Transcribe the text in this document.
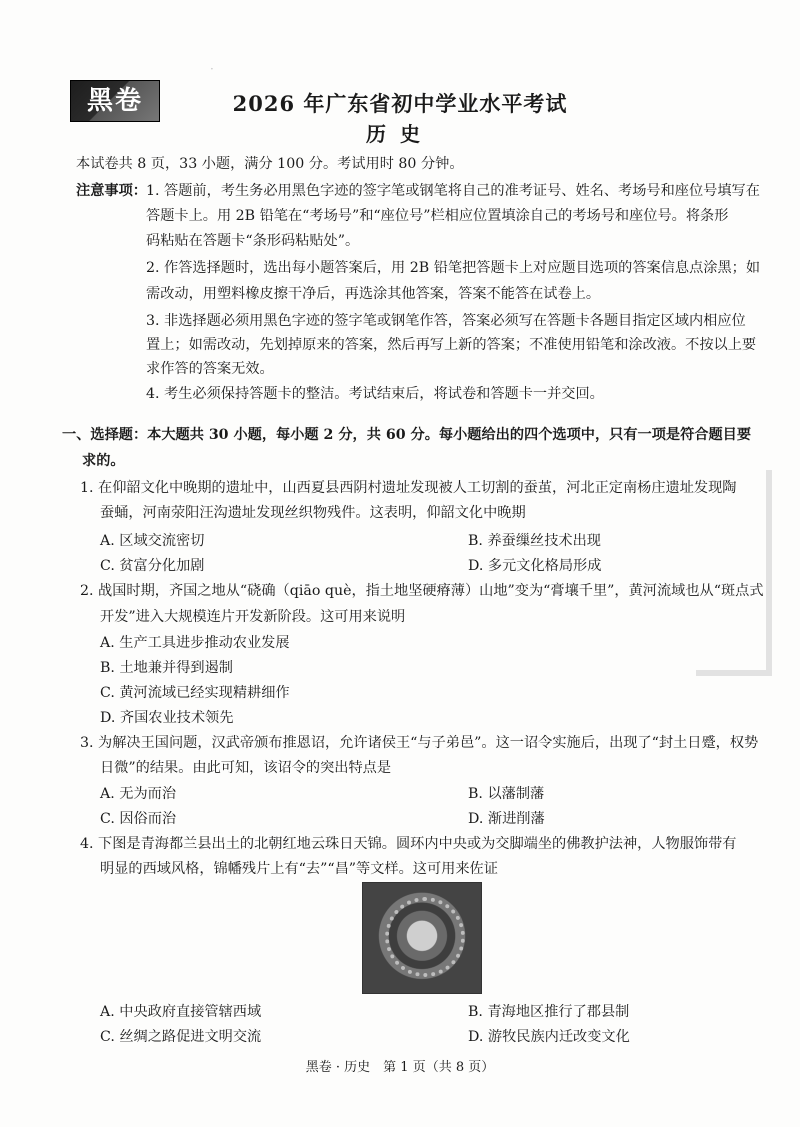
·
黑卷	2026 年广东省初中学业水平考试
历史
本试卷共 8 页，33 小题，满分 100 分。考试用时 80 分钟。
注意事项： 1. 答题前，考生务必用黑色字迹的签字笔或钢笔将自己的准考证号、姓名、考场号和座位号填写在
答题卡上。用 2B 铅笔在“考场号”和“座位号”栏相应位置填涂自己的考场号和座位号。将条形
码粘贴在答题卡“条形码粘贴处”。
2. 作答选择题时，选出每小题答案后，用 2B 铅笔把答题卡上对应题目选项的答案信息点涂黑；如
需改动，用塑料橡皮擦干净后，再选涂其他答案，答案不能答在试卷上。
3. 非选择题必须用黑色字迹的签字笔或钢笔作答，答案必须写在答题卡各题目指定区域内相应位
置上；如需改动，先划掉原来的答案，然后再写上新的答案；不准使用铅笔和涂改液。不按以上要
求作答的答案无效。
4. 考生必须保持答题卡的整洁。考试结束后，将试卷和答题卡一并交回。
一、选择题：本大题共 30 小题，每小题 2 分，共 60 分。每小题给出的四个选项中，只有一项是符合题目要
求的。
1. 在仰韶文化中晚期的遗址中，山西夏县西阴村遗址发现被人工切割的蚕茧，河北正定南杨庄遗址发现陶
蚕蛹，河南荥阳汪沟遗址发现丝织物残件。这表明，仰韶文化中晚期
A. 区域交流密切	B. 养蚕缫丝技术出现
C. 贫富分化加剧	D. 多元文化格局形成
2. 战国时期，齐国之地从“硗确（qiāo què，指土地坚硬瘠薄）山地”变为“膏壤千里”，黄河流域也从“斑点式
开发”进入大规模连片开发新阶段。这可用来说明
A. 生产工具进步推动农业发展
B. 土地兼并得到遏制
C. 黄河流域已经实现精耕细作
D. 齐国农业技术领先
3. 为解决王国问题，汉武帝颁布推恩诏，允许诸侯王“与子弟邑”。这一诏令实施后，出现了“封土日蹙，权势
日微”的结果。由此可知，该诏令的突出特点是
A. 无为而治	B. 以藩制藩
C. 因俗而治	D. 渐进削藩
4. 下图是青海都兰县出土的北朝红地云珠日天锦。圆环内中央或为交脚端坐的佛教护法神，人物服饰带有
明显的西域风格，锦幡残片上有“去”“昌”等文样。这可用来佐证
A. 中央政府直接管辖西域	B. 青海地区推行了郡县制
C. 丝绸之路促进文明交流	D. 游牧民族内迁改变文化
黑卷 · 历史　第 1 页（共 8 页）
